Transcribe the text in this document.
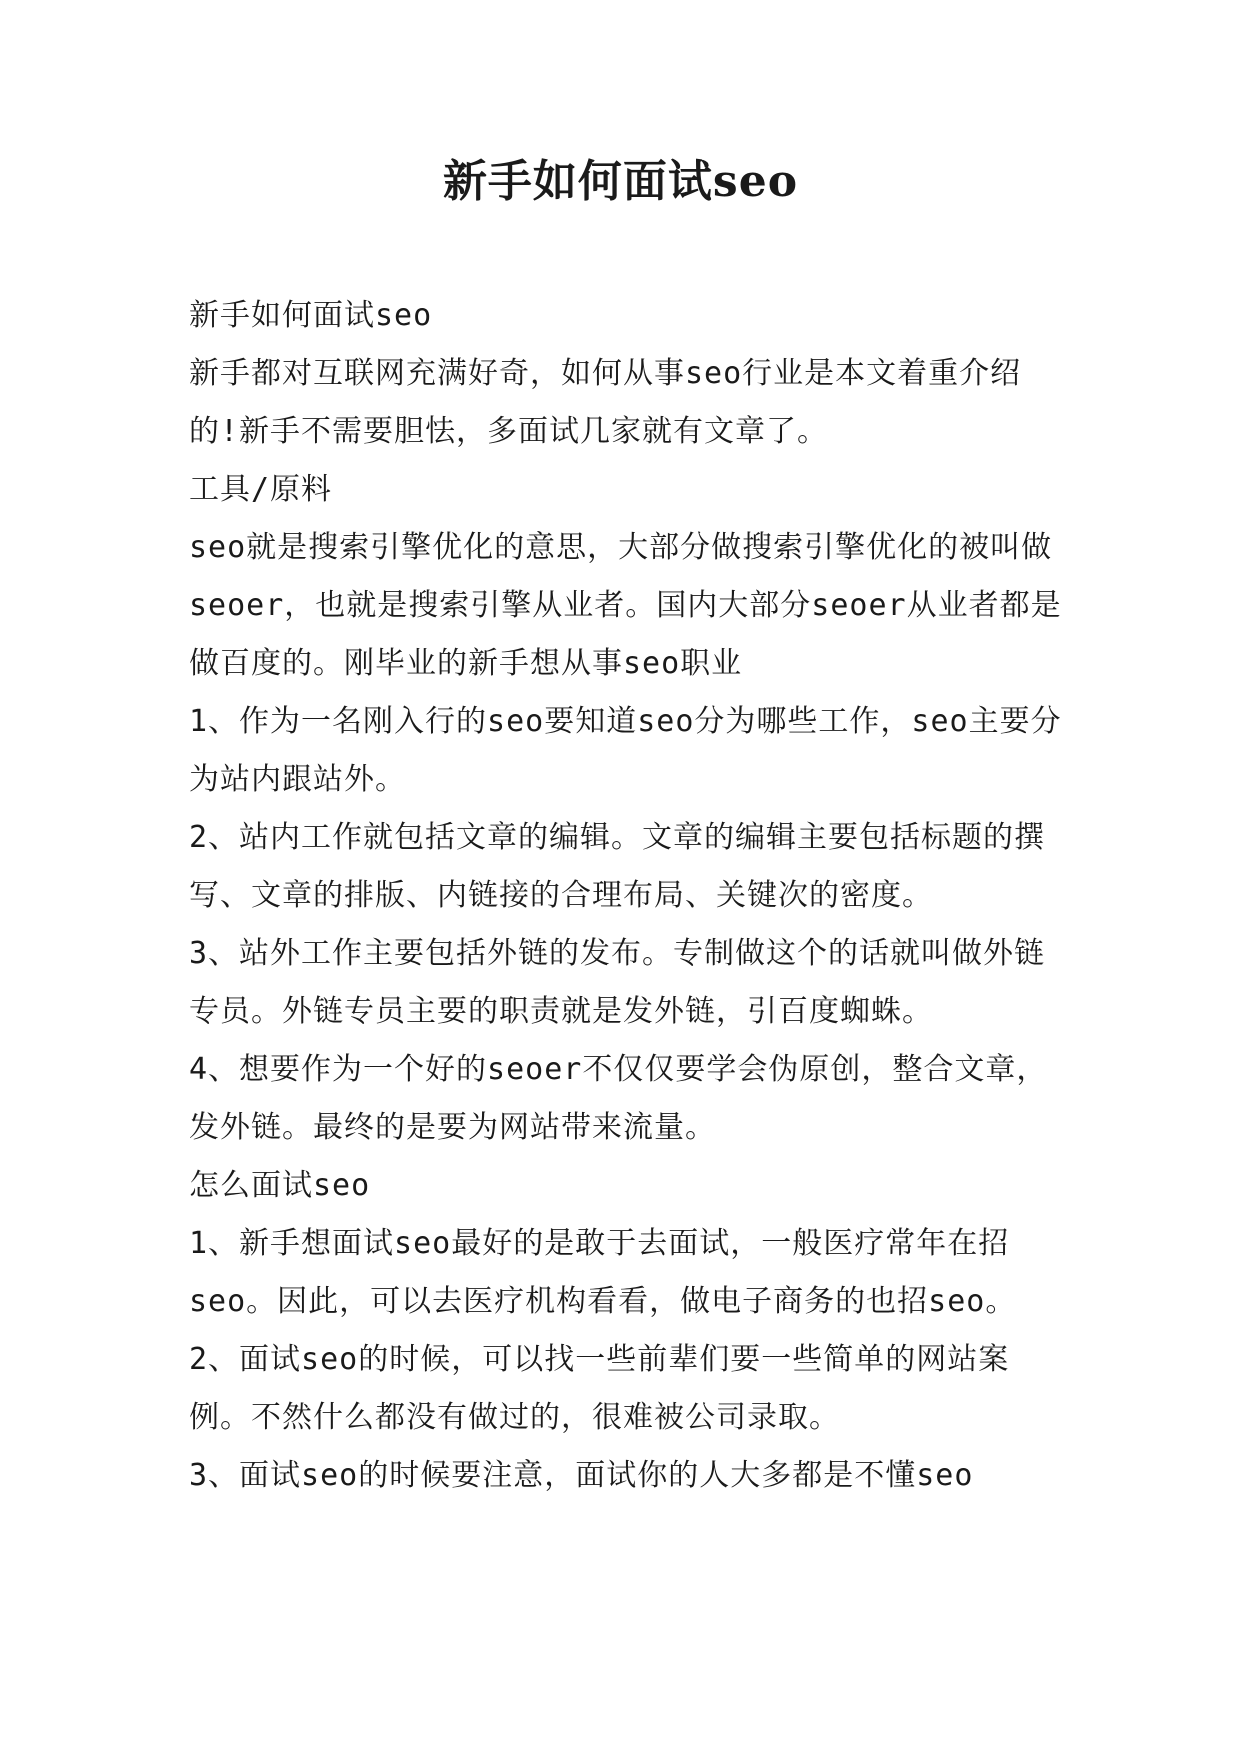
新手如何面试seo

新手如何面试seo

新手都对互联网充满好奇，如何从事seo行业是本文着重介绍的!新手不需要胆怯，多面试几家就有文章了。

工具/原料

seo就是搜索引擎优化的意思，大部分做搜索引擎优化的被叫做seoer，也就是搜索引擎从业者。国内大部分seoer从业者都是做百度的。刚毕业的新手想从事seo职业

1、作为一名刚入行的seo要知道seo分为哪些工作，seo主要分为站内跟站外。

2、站内工作就包括文章的编辑。文章的编辑主要包括标题的撰写、文章的排版、内链接的合理布局、关键次的密度。

3、站外工作主要包括外链的发布。专制做这个的话就叫做外链专员。外链专员主要的职责就是发外链，引百度蜘蛛。

4、想要作为一个好的seoer不仅仅要学会伪原创，整合文章，发外链。最终的是要为网站带来流量。

怎么面试seo

1、新手想面试seo最好的是敢于去面试，一般医疗常年在招seo。因此，可以去医疗机构看看，做电子商务的也招seo。

2、面试seo的时候，可以找一些前辈们要一些简单的网站案例。不然什么都没有做过的，很难被公司录取。

3、面试seo的时候要注意，面试你的人大多都是不懂seo
